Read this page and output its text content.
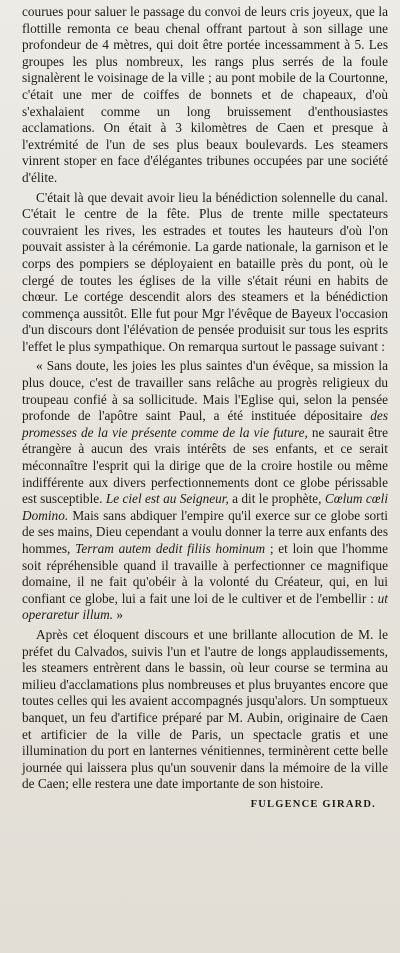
courues pour saluer le passage du convoi de leurs cris joyeux, que la flottille remonta ce beau chenal offrant partout à son sillage une profondeur de 4 mètres, qui doit être portée incessamment à 5. Les groupes les plus nombreux, les rangs plus serrés de la foule signalèrent le voisinage de la ville ; au pont mobile de la Courtonne, c'était une mer de coiffes de bonnets et de chapeaux, d'où s'exhalaient comme un long bruissement d'enthousiastes acclamations. On était à 3 kilomètres de Caen et presque à l'extrémité de l'un de ses plus beaux boulevards. Les steamers vinrent stoper en face d'élégantes tribunes occupées par une société d'élite.

C'était là que devait avoir lieu la bénédiction solennelle du canal. C'était le centre de la fête. Plus de trente mille spectateurs couvraient les rives, les estrades et toutes les hauteurs d'où l'on pouvait assister à la cérémonie. La garde nationale, la garnison et le corps des pompiers se déployaient en bataille près du pont, où le clergé de toutes les églises de la ville s'était réuni en habits de chœur. Le cortége descendit alors des steamers et la bénédiction commença aussitôt. Elle fut pour Mgr l'évêque de Bayeux l'occasion d'un discours dont l'élévation de pensée produisit sur tous les esprits l'effet le plus sympathique. On remarqua surtout le passage suivant :

« Sans doute, les joies les plus saintes d'un évêque, sa mission la plus douce, c'est de travailler sans relâche au progrès religieux du troupeau confié à sa sollicitude. Mais l'Eglise qui, selon la pensée profonde de l'apôtre saint Paul, a été instituée dépositaire des promesses de la vie présente comme de la vie future, ne saurait être étrangère à aucun des vrais intérêts de ses enfants, et ce serait méconnaître l'esprit qui la dirige que de la croire hostile ou même indifférente aux divers perfectionnements dont ce globe périssable est susceptible. Le ciel est au Seigneur, a dit le prophète, Cœlum cœli Domino. Mais sans abdiquer l'empire qu'il exerce sur ce globe sorti de ses mains, Dieu cependant a voulu donner la terre aux enfants des hommes, Terram autem dedit filiis hominum ; et loin que l'homme soit répréhensible quand il travaille à perfectionner ce magnifique domaine, il ne fait qu'obéir à la volonté du Créateur, qui, en lui confiant ce globe, lui a fait une loi de le cultiver et de l'embellir : ut operaretur illum. »

Après cet éloquent discours et une brillante allocution de M. le préfet du Calvados, suivis l'un et l'autre de longs applaudissements, les steamers entrèrent dans le bassin, où leur course se termina au milieu d'acclamations plus nombreuses et plus bruyantes encore que toutes celles qui les avaient accompagnés jusqu'alors. Un somptueux banquet, un feu d'artifice préparé par M. Aubin, originaire de Caen et artificier de la ville de Paris, un spectacle gratis et une illumination du port en lanternes vénitiennes, terminèrent cette belle journée qui laissera plus qu'un souvenir dans la mémoire de la ville de Caen; elle restera une date importante de son histoire.

FULGENCE GIRARD.
